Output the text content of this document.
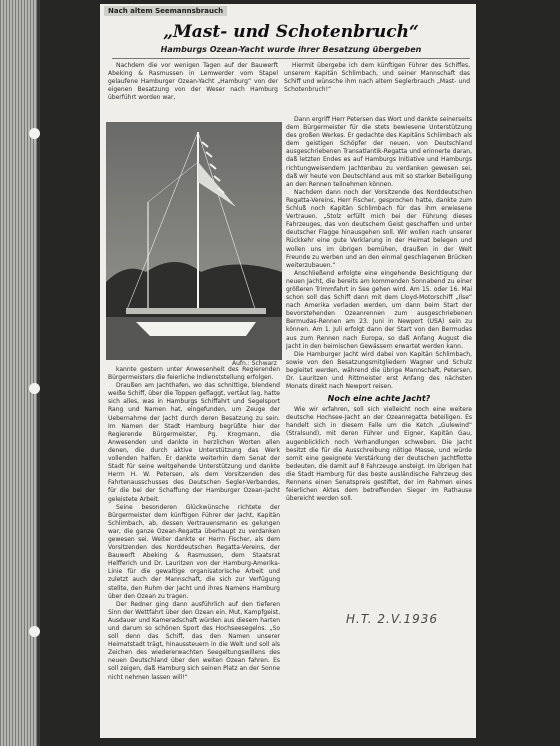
Nach altem Seemannsbrauch
„Mast- und Schotenbruch“
Hamburgs Ozean-Yacht wurde ihrer Besatzung übergeben

Nachdem die vor wenigen Tagen auf der Bauwerft Abeking & Rasmussen in Lemwerder vom Stapel gelaufene Hamburger Ozean-Yacht „Hamburg“ von der eigenen Besatzung von der Weser nach Hamburg überführt worden war,

Hiermit übergebe ich dem künftigen Führer des Schiffes, unserem Kapitän Schlimbach, und seiner Mannschaft das Schiff und wünsche ihm nach altem Seglerbrauch „Mast- und Schotenbruch!“

Aufn.: Schwarz

kannte gestern unter Anwesenheit des Regierenden Bürgermeisters die feierliche Indienststellung erfolgen.

Draußen am Jachthafen, wo das schnittige, blendend weiße Schiff, über die Toppen geflaggt, vertäut lag, hatte sich alles, was in Hamburgs Schiffahrt und Segelsport Rang und Namen hat, eingefunden, um Zeuge der Uebernahme der Jacht durch deren Besatzung zu sein. Im Namen der Stadt Hamburg begrüßte hier der Regierende Bürgermeister, Pg. Krogmann, die Anwesenden und dankte in herzlichen Worten allen denen, die durch aktive Unterstützung das Werk vollenden halfen. Er dankte weiterhin dem Senat der Stadt für seine weitgehende Unterstützung und dankte Herrn H. W. Petersen, als dem Vorsitzenden des Fahrtenausschusses des Deutschen Segler-Verbandes, für die bei der Schaffung der Hamburger Ozean-Jacht geleistete Arbeit.

Seine besonderen Glückwünsche richtete der Bürgermeister dem künftigen Führer der Jacht, Kapitän Schlimbach, ab, dessen Vertrauensmann es gelungen war, die ganze Ozean-Regatta überhaupt zu verdanken gewesen sei. Weiter dankte er Herrn Fischer, als dem Vorsitzenden des Norddeutschen Regatta-Vereins, der Bauwerft Abeking & Rasmussen, dem Staatsrat Helfferich und Dr. Lauritzen von der Hamburg-Amerika-Linie für die gewaltige organisatorische Arbeit und zuletzt auch der Mannschaft, die sich zur Verfügung stellte, den Ruhm der Jacht und ihres Namens Hamburg über den Ozean zu tragen.

Der Redner ging dann ausführlich auf den tieferen Sinn der Wettfahrt über den Ozean ein. Mut, Kampfgeist, Ausdauer und Kameradschaft würden aus diesem harten und darum so schönen Sport des Hochseesegelns. „So soll denn das Schiff, das den Namen unserer Heimatstadt trägt, hinaussteuern in die Welt und soll als Zeichen des wiedererwachten Seegeltungswillens des neuen Deutschland über den weiten Ozean fahren. Es soll zeigen, daß Hamburg sich seinen Platz an der Sonne nicht nehmen lassen will!“

Dann ergriff Herr Petersen das Wort und dankte seinerseits dem Bürgermeister für die stets bewiesene Unterstützung des großen Werkes. Er gedachte des Kapitäns Schlimbach als dem geistigen Schöpfer der neuen, von Deutschland ausgeschriebenen Transatlantik-Regatta und erinnerte daran, daß letzten Endes es auf Hamburgs Initiative und Hamburgs richtungweisendem Jachtenbau zu verdanken gewesen sei, daß wir heute von Deutschland aus mit so starker Beteiligung an den Rennen teilnehmen können.

Nachdem dann noch der Vorsitzende des Norddeutschen Regatta-Vereins, Herr Fischer, gesprochen hatte, dankte zum Schluß noch Kapitän Schlimbach für das ihm erwiesene Vertrauen. „Stolz erfüllt mich bei der Führung dieses Fahrzeuges, das von deutschem Geist geschaffen und unter deutscher Flagge hinausgehen soll. Wir wollen nach unserer Rückkehr eine gute Verklarung in der Heimat belegen und wollen uns im übrigen bemühen, draußen in der Welt Freunde zu werben und an den einmal geschlagenen Brücken weiterzubauen.“

Anschließend erfolgte eine eingehende Besichtigung der neuen Jacht, die bereits am kommenden Sonnabend zu einer größeren Trimmfahrt in See gehen wird. Am 15. oder 16. Mai schon soll das Schiff dann mit dem Lloyd-Motorschiff „Ilse“ nach Amerika verladen werden, um dann beim Start der bevorstehenden Ozeanrennen zum ausgeschriebenen Bermudas-Rennen am 23. Juni in Newport (USA) sein zu können. Am 1. Juli erfolgt dann der Start von den Bermudas aus zum Rennen nach Europa, so daß Anfang August die Jacht in den heimischen Gewässern erwartet werden kann.

Die Hamburger Jacht wird dabei von Kapitän Schlimbach, sowie von den Besatzungsmitgliedern Wagner und Schulz begleitet werden, während die übrige Mannschaft, Petersen, Dr. Lauritzen und Rittmeister erst Anfang des nächsten Monats direkt nach Newport reisen.

Noch eine achte Jacht?

Wie wir erfahren, soll sich vielleicht noch eine weitere deutsche Hochsee-Jacht an der Ozeanregatta beteiligen. Es handelt sich in diesem Falle um die Ketch „Gulewind“ (Stralsund), mit deren Führer und Eigner, Kapitän Gau, augenblicklich noch Verhandlungen schweben. Die Jacht besitzt die für die Ausschreibung nötige Masse, und würde somit eine geeignete Verstärkung der deutschen Jachtflotte bedeuten, die damit auf 8 Fahrzeuge ansteigt. Im übrigen hat die Stadt Hamburg für das beste ausländische Fahrzeug des Rennens einen Senatspreis gestiftet, der im Rahmen eines feierlichen Aktes dem betreffenden Sieger im Rathause übereicht werden soll.

H.T. 2.V.1936
